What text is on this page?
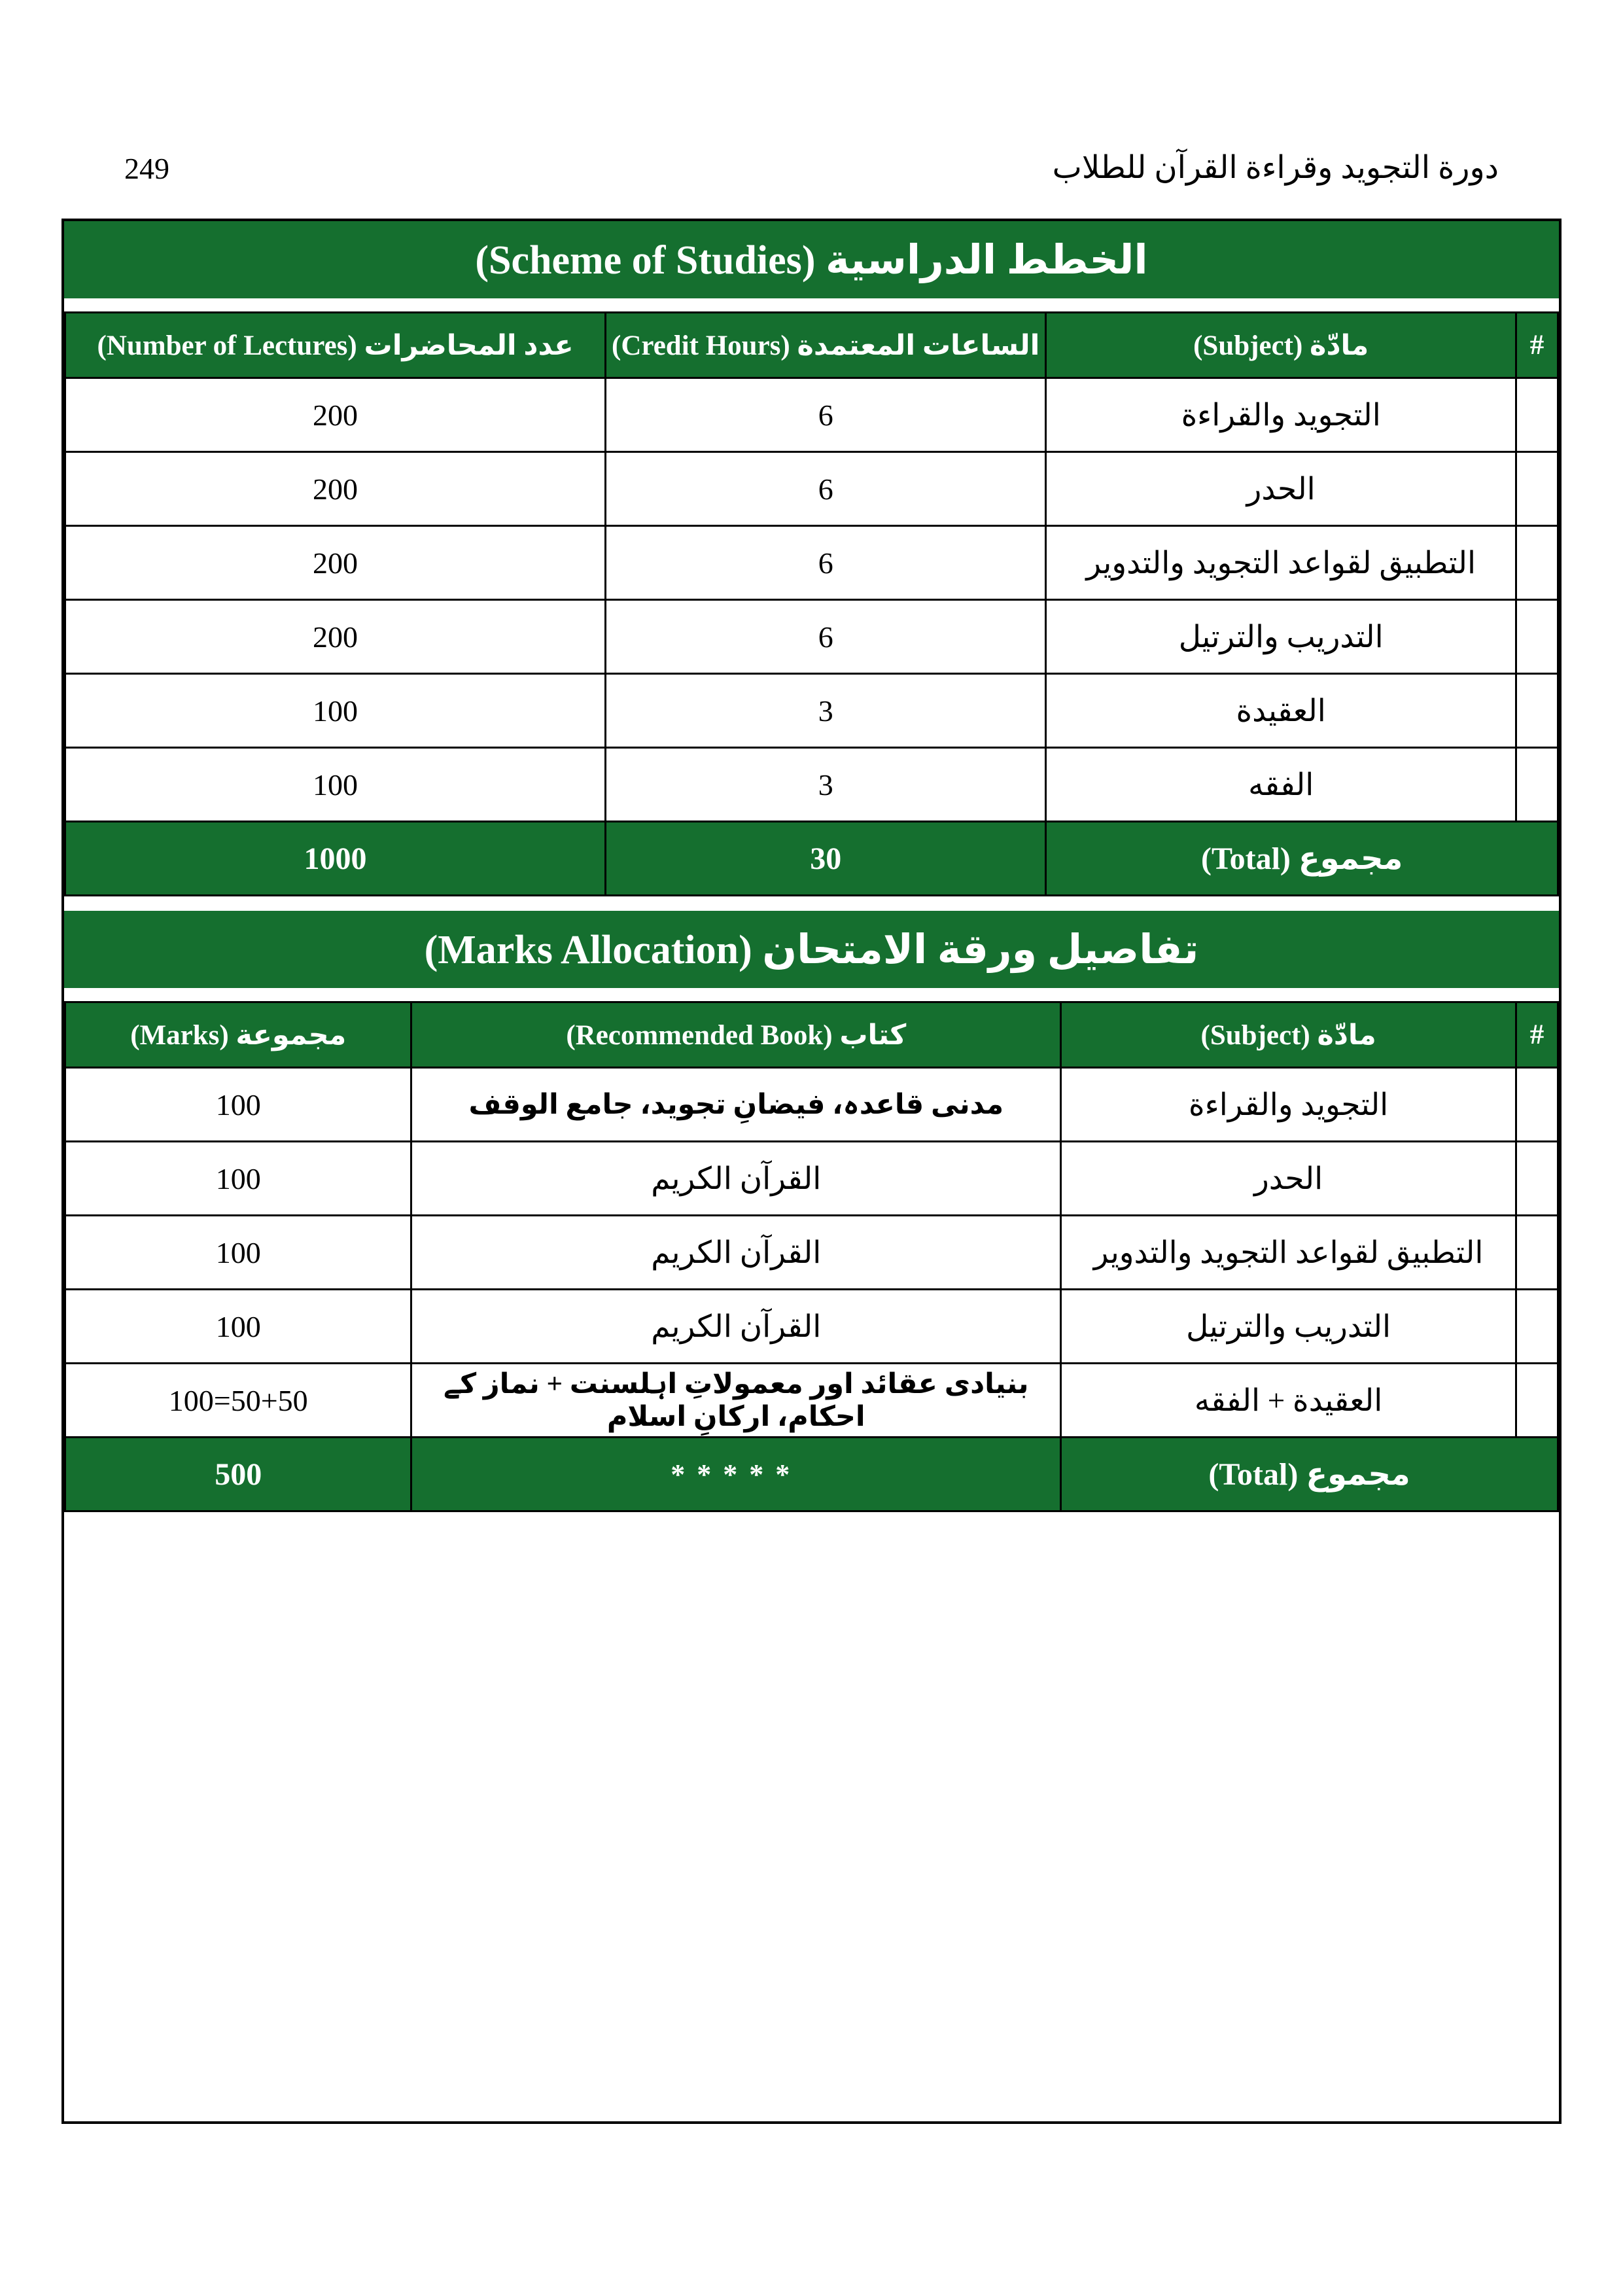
249	دورة التجويد وقراءة القرآن للطلاب
الخطط الدراسية (Scheme of Studies)
#	مادّة (Subject)	الساعات المعتمدة (Credit Hours)	عدد المحاضرات (Number of Lectures)
1	التجويد والقراءة	6	200
2	الحدر	6	200
3	التطبيق لقواعد التجويد والتدوير	6	200
4	التدريب والترتيل	6	200
5	العقيدة	3	100
6	الفقه	3	100
مجموع (Total)		30	1000
تفاصيل ورقة الامتحان (Marks Allocation)
#	مادّة (Subject)	كتاب (Recommended Book)	مجموعة (Marks)
1	التجويد والقراءة	مدنی قاعدہ، فیضانِ تجوید، جامع الوقف	100
2	الحدر	القرآن الكريم	100
3	التطبيق لقواعد التجويد والتدوير	القرآن الكريم	100
4	التدريب والترتيل	القرآن الكريم	100
5	العقيدة + الفقه	بنیادی عقائد اور معمولاتِ اہلسنت + نماز کے احکام، ارکانِ اسلام	100=50+50
مجموع (Total)		*****	500
